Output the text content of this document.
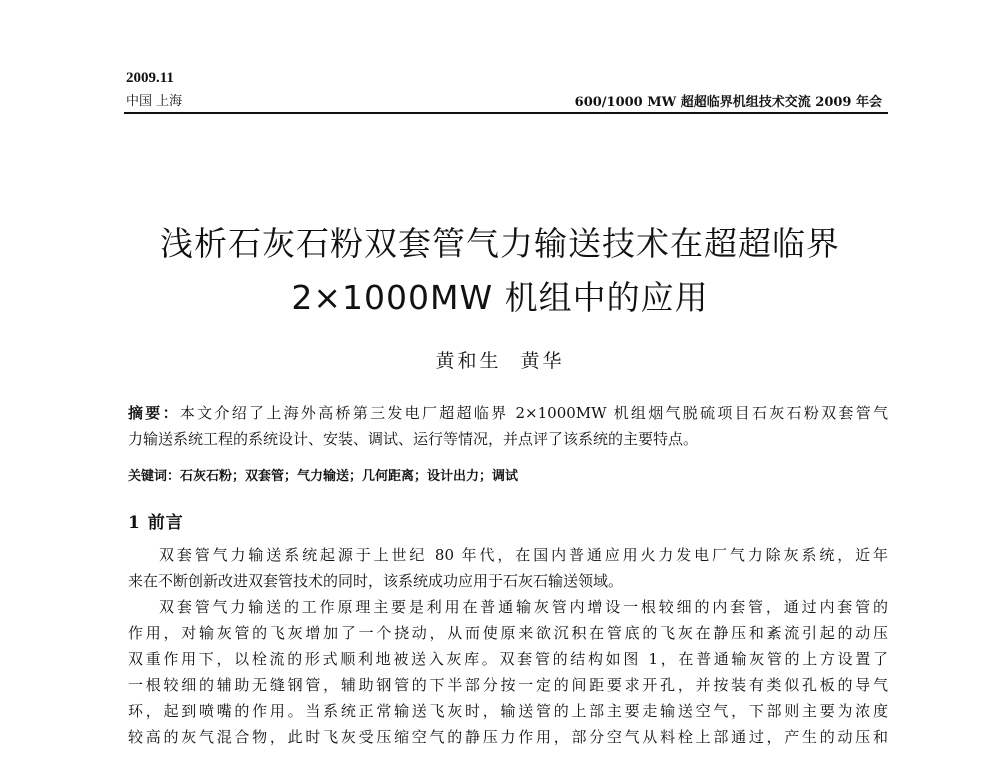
2009.11
中国 上海	600/1000 MW 超超临界机组技术交流 2009 年会
浅析石灰石粉双套管气力输送技术在超超临界
2×1000MW 机组中的应用
黄和生 黄华
摘要：本文介绍了上海外高桥第三发电厂超超临界 2×1000MW 机组烟气脱硫项目石灰石粉双套管气
力输送系统工程的系统设计、安装、调试、运行等情况，并点评了该系统的主要特点。
关键词：石灰石粉；双套管；气力输送；几何距离；设计出力；调试
1 前言
双套管气力输送系统起源于上世纪 80 年代，在国内普通应用火力发电厂气力除灰系统，近年
来在不断创新改进双套管技术的同时，该系统成功应用于石灰石输送领域。
双套管气力输送的工作原理主要是利用在普通输灰管内增设一根较细的内套管，通过内套管的
作用，对输灰管的飞灰增加了一个挠动，从而使原来欲沉积在管底的飞灰在静压和紊流引起的动压
双重作用下，以栓流的形式顺利地被送入灰库。双套管的结构如图 1，在普通输灰管的上方设置了
一根较细的辅助无缝钢管，辅助钢管的下半部分按一定的间距要求开孔，并按装有类似孔板的导气
环，起到喷嘴的作用。当系统正常输送飞灰时，输送管的上部主要走输送空气，下部则主要为浓度
较高的灰气混合物，此时飞灰受压缩空气的静压力作用，部分空气从料栓上部通过，产生的动压和
